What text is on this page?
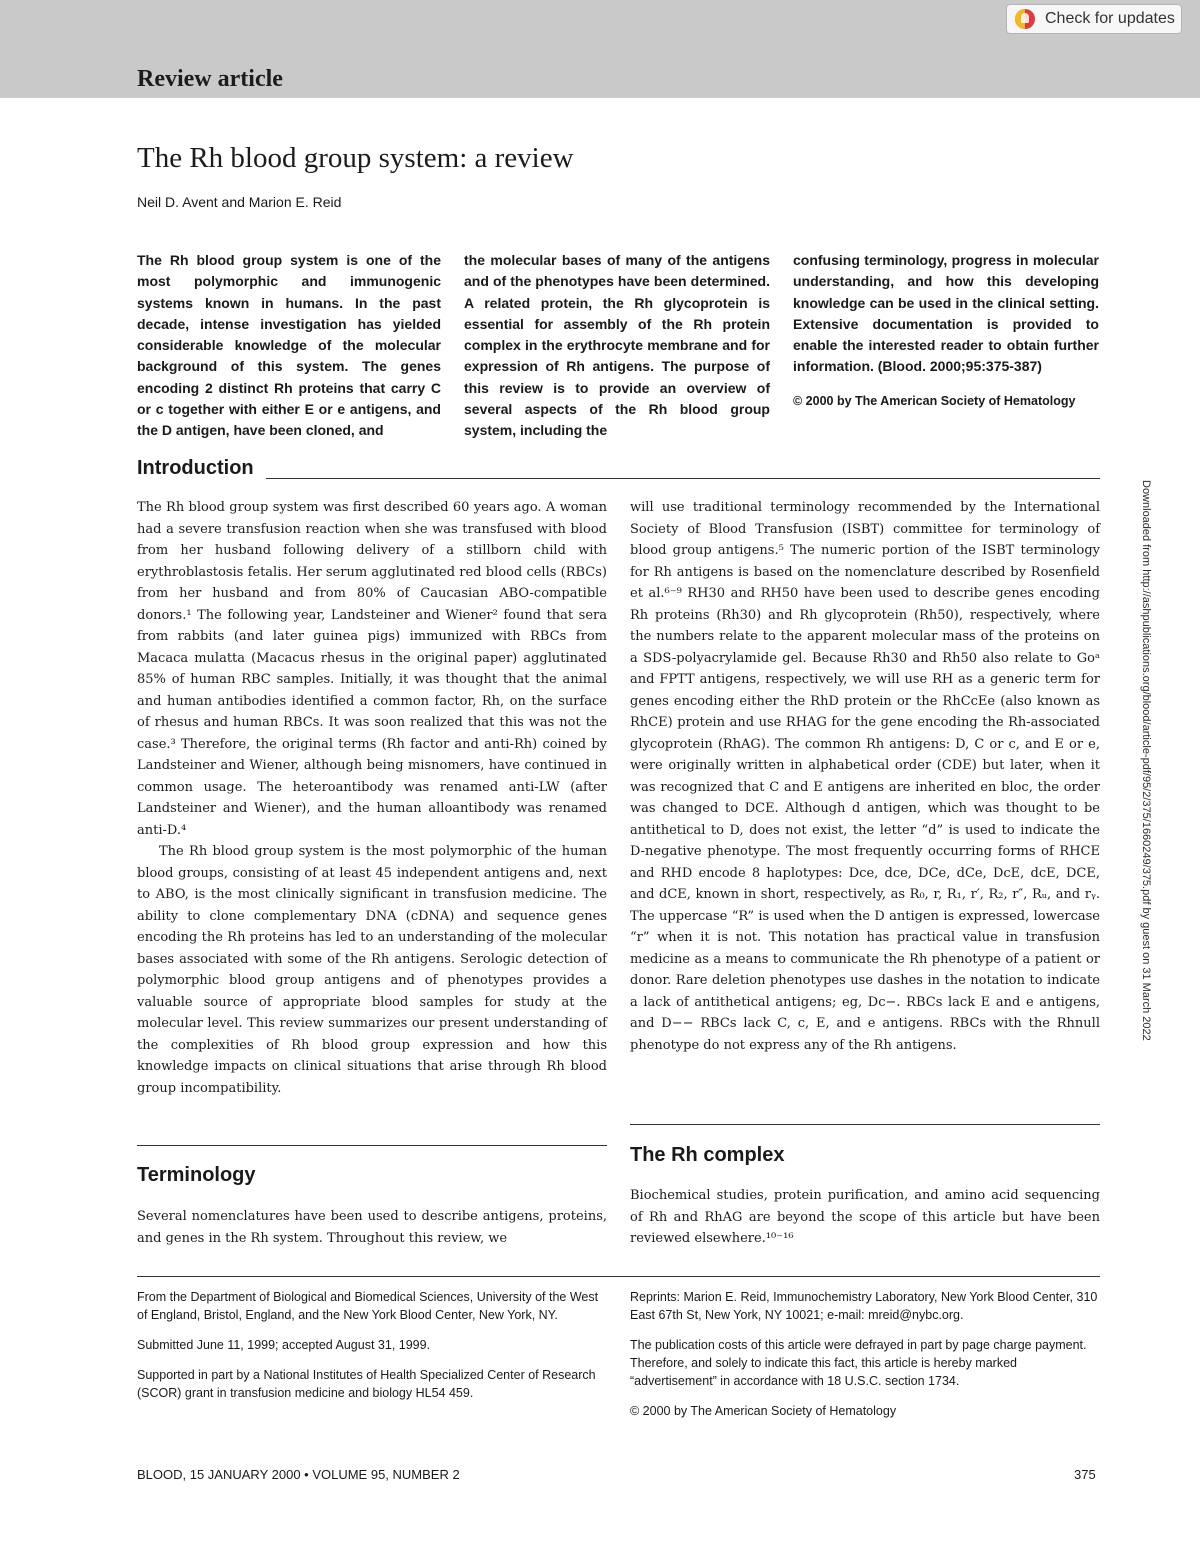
Check for updates
Review article
The Rh blood group system: a review
Neil D. Avent and Marion E. Reid

The Rh blood group system is one of the most polymorphic and immunogenic systems known in humans. In the past decade, intense investigation has yielded considerable knowledge of the molecular background of this system. The genes encoding 2 distinct Rh proteins that carry C or c together with either E or e antigens, and the D antigen, have been cloned, and

the molecular bases of many of the antigens and of the phenotypes have been determined. A related protein, the Rh glycoprotein is essential for assembly of the Rh protein complex in the erythrocyte membrane and for expression of Rh antigens. The purpose of this review is to provide an overview of several aspects of the Rh blood group system, including the

confusing terminology, progress in molecular understanding, and how this developing knowledge can be used in the clinical setting. Extensive documentation is provided to enable the interested reader to obtain further information. (Blood. 2000;95:375-387)

© 2000 by The American Society of Hematology

Introduction

The Rh blood group system was first described 60 years ago. A woman had a severe transfusion reaction when she was transfused with blood from her husband following delivery of a stillborn child with erythroblastosis fetalis. Her serum agglutinated red blood cells (RBCs) from her husband and from 80% of Caucasian ABO-compatible donors.¹ The following year, Landsteiner and Wiener² found that sera from rabbits (and later guinea pigs) immunized with RBCs from Macaca mulatta (Macacus rhesus in the original paper) agglutinated 85% of human RBC samples. Initially, it was thought that the animal and human antibodies identified a common factor, Rh, on the surface of rhesus and human RBCs. It was soon realized that this was not the case.³ Therefore, the original terms (Rh factor and anti-Rh) coined by Landsteiner and Wiener, although being misnomers, have continued in common usage. The heteroantibody was renamed anti-LW (after Landsteiner and Wiener), and the human alloantibody was renamed anti-D.⁴

The Rh blood group system is the most polymorphic of the human blood groups, consisting of at least 45 independent antigens and, next to ABO, is the most clinically significant in transfusion medicine. The ability to clone complementary DNA (cDNA) and sequence genes encoding the Rh proteins has led to an understanding of the molecular bases associated with some of the Rh antigens. Serologic detection of polymorphic blood group antigens and of phenotypes provides a valuable source of appropriate blood samples for study at the molecular level. This review summarizes our present understanding of the complexities of Rh blood group expression and how this knowledge impacts on clinical situations that arise through Rh blood group incompatibility.

Terminology

Several nomenclatures have been used to describe antigens, proteins, and genes in the Rh system. Throughout this review, we

will use traditional terminology recommended by the International Society of Blood Transfusion (ISBT) committee for terminology of blood group antigens.⁵ The numeric portion of the ISBT terminology for Rh antigens is based on the nomenclature described by Rosenfield et al.⁶⁻⁹ RH30 and RH50 have been used to describe genes encoding Rh proteins (Rh30) and Rh glycoprotein (Rh50), respectively, where the numbers relate to the apparent molecular mass of the proteins on a SDS-polyacrylamide gel. Because Rh30 and Rh50 also relate to Goᵃ and FPTT antigens, respectively, we will use RH as a generic term for genes encoding either the RhD protein or the RhCcEe (also known as RhCE) protein and use RHAG for the gene encoding the Rh-associated glycoprotein (RhAG). The common Rh antigens: D, C or c, and E or e, were originally written in alphabetical order (CDE) but later, when it was recognized that C and E antigens are inherited en bloc, the order was changed to DCE. Although d antigen, which was thought to be antithetical to D, does not exist, the letter “d” is used to indicate the D-negative phenotype. The most frequently occurring forms of RHCE and RHD encode 8 haplotypes: Dce, dce, DCe, dCe, DcE, dcE, DCE, and dCE, known in short, respectively, as R₀, r, R₁, r′, R₂, r″, Rᵤ, and rᵧ. The uppercase “R” is used when the D antigen is expressed, lowercase “r” when it is not. This notation has practical value in transfusion medicine as a means to communicate the Rh phenotype of a patient or donor. Rare deletion phenotypes use dashes in the notation to indicate a lack of antithetical antigens; eg, Dc−. RBCs lack E and e antigens, and D−− RBCs lack C, c, E, and e antigens. RBCs with the Rhnull phenotype do not express any of the Rh antigens.

The Rh complex

Biochemical studies, protein purification, and amino acid sequencing of Rh and RhAG are beyond the scope of this article but have been reviewed elsewhere.¹⁰⁻¹⁶

From the Department of Biological and Biomedical Sciences, University of the West of England, Bristol, England, and the New York Blood Center, New York, NY.

Submitted June 11, 1999; accepted August 31, 1999.

Supported in part by a National Institutes of Health Specialized Center of Research (SCOR) grant in transfusion medicine and biology HL54 459.

Reprints: Marion E. Reid, Immunochemistry Laboratory, New York Blood Center, 310 East 67th St, New York, NY 10021; e-mail: mreid@nybc.org.

The publication costs of this article were defrayed in part by page charge payment. Therefore, and solely to indicate this fact, this article is hereby marked “advertisement” in accordance with 18 U.S.C. section 1734.

© 2000 by The American Society of Hematology

BLOOD, 15 JANUARY 2000 • VOLUME 95, NUMBER 2	375
Downloaded from http://ashpublications.org/blood/article-pdf/95/2/375/1660249/375.pdf by guest on 31 March 2022
